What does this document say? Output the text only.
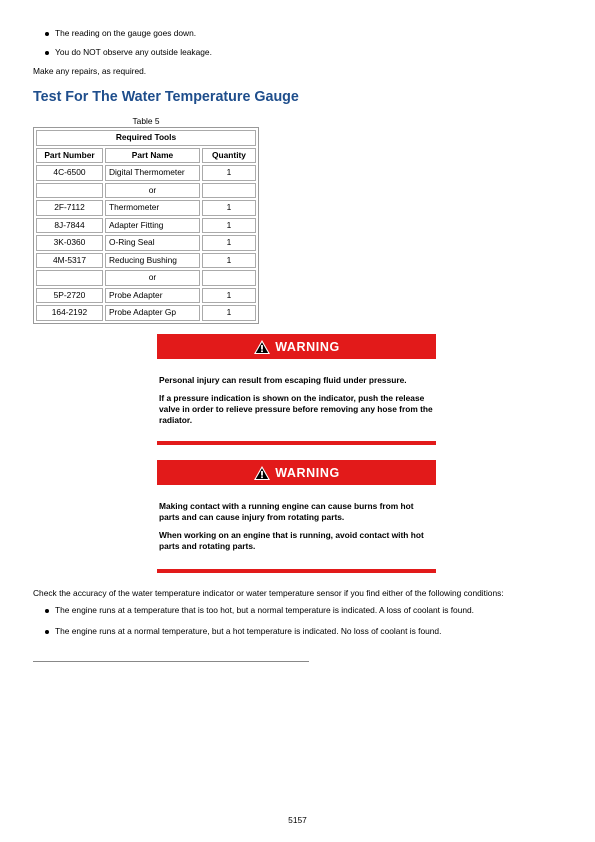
The reading on the gauge goes down.
You do NOT observe any outside leakage.
Make any repairs, as required.
Test For The Water Temperature Gauge
Table 5
Required Tools		
Part Number	Part Name	Quantity
4C-6500	Digital Thermometer	1
	or	
2F-7112	Thermometer	1
8J-7844	Adapter Fitting	1
3K-0360	O-Ring Seal	1
4M-5317	Reducing Bushing	1
	or	
5P-2720	Probe Adapter	1
164-2192	Probe Adapter Gp	1
WARNING

Personal injury can result from escaping fluid under pressure.

If a pressure indication is shown on the indicator, push the release valve in order to relieve pressure before removing any hose from the radiator.

WARNING

Making contact with a running engine can cause burns from hot parts and can cause injury from rotating parts.

When working on an engine that is running, avoid contact with hot parts and rotating parts.

Check the accuracy of the water temperature indicator or water temperature sensor if you find either of the following conditions:
The engine runs at a temperature that is too hot, but a normal temperature is indicated. A loss of coolant is found.
The engine runs at a normal temperature, but a hot temperature is indicated. No loss of coolant is found.
5157
